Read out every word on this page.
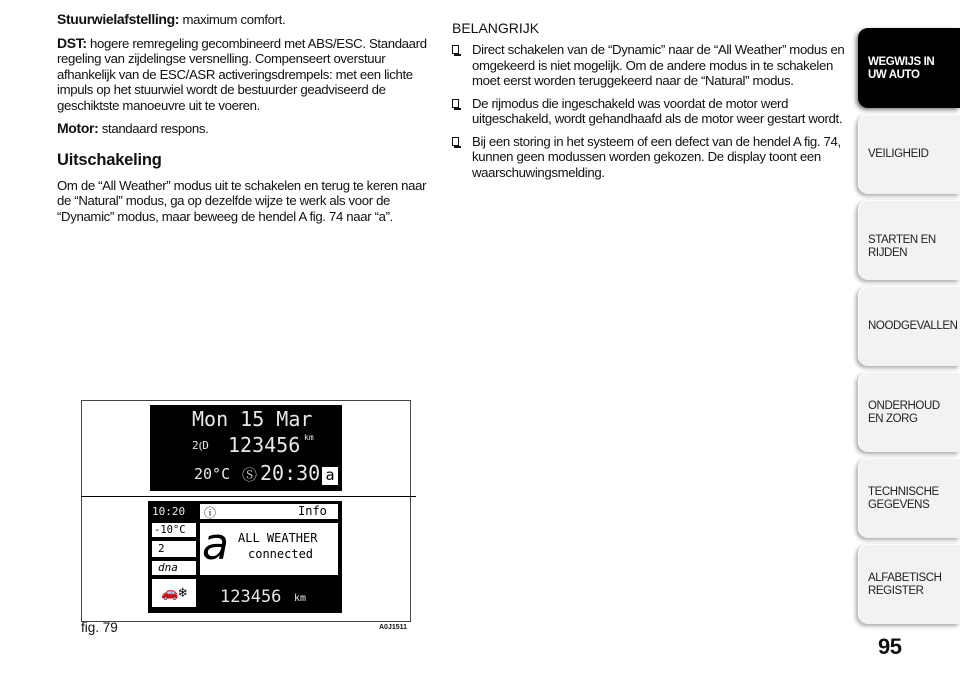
Stuurwielafstelling: maximum comfort.

DST: hogere remregeling gecombineerd met ABS/ESC. Standaard regeling van zijdelingse versnelling. Compenseert overstuur afhankelijk van de ESC/ASR activeringsdrempels: met een lichte impuls op het stuurwiel wordt de bestuurder geadviseerd de geschiktste manoeuvre uit te voeren.

Motor: standaard respons.

Uitschakeling

Om de “All Weather” modus uit te schakelen en terug te keren naar de “Natural” modus, ga op dezelfde wijze te werk als voor de “Dynamic” modus, maar beweeg de hendel A fig. 74 naar “a”.

BELANGRIJK
Direct schakelen van de “Dynamic” naar de “All Weather” modus en omgekeerd is niet mogelijk. Om de andere modus in te schakelen moet eerst worden teruggekeerd naar de “Natural” modus.
De rijmodus die ingeschakeld was voordat de motor werd uitgeschakeld, wordt gehandhaafd als de motor weer gestart wordt.
Bij een storing in het systeem of een defect van de hendel A fig. 74, kunnen geen modussen worden gekozen. De display toont een waarschuwingsmelding.
Mon 15 Mar
2⦅D 123456 km
20°C Ⓢ 20:30 a
10:20 ⓘ	Info
-10°C
2
dna
🚗❄
a ALL WEATHER
connected
123456 km
fig. 79	A0J1511
WEGWIJS IN UW AUTO
VEILIGHEID
STARTEN EN RIJDEN
NOODGEVALLEN
ONDERHOUD EN ZORG
TECHNISCHE GEGEVENS
ALFABETISCH REGISTER
95
